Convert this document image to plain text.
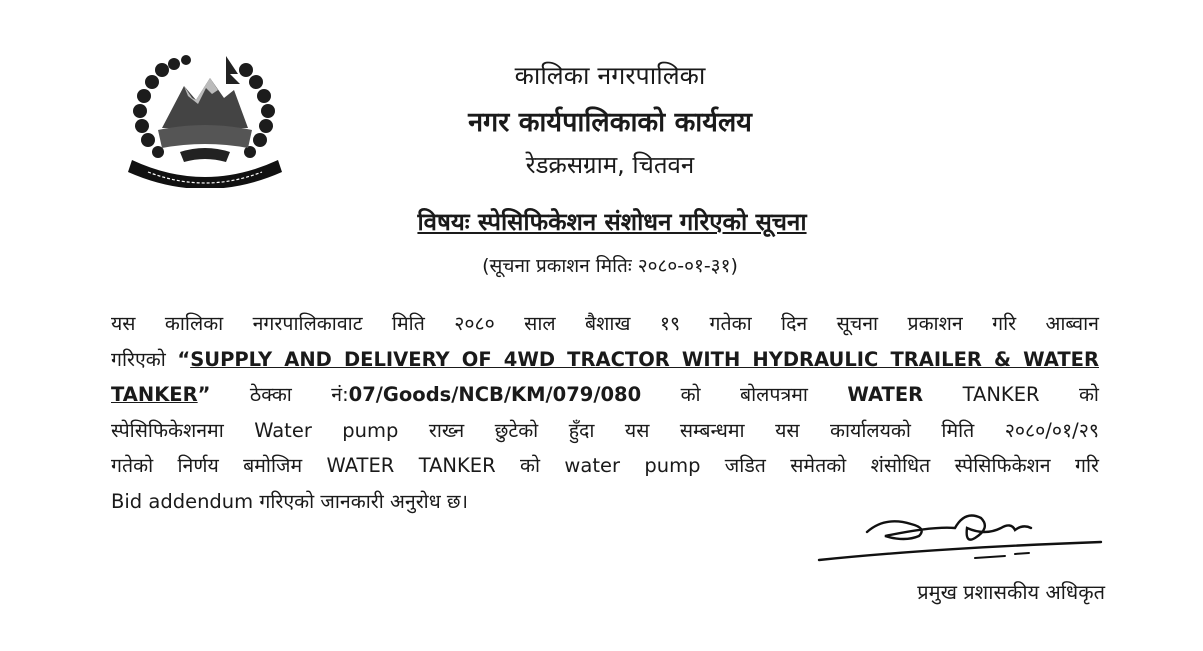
कालिका नगरपालिका
नगर कार्यपालिकाको कार्यलय
रेडक्रसग्राम, चितवन
विषयः स्पेसिफिकेशन संशोधन गरिएको सूचना
(सूचना प्रकाशन मितिः २०८०-०१-३१)
यस कालिका नगरपालिकावाट मिति २०८० साल बैशाख १९ गतेका दिन सूचना प्रकाशन गरि आब्वान
गरिएको “SUPPLY AND DELIVERY OF 4WD TRACTOR WITH HYDRAULIC TRAILER & WATER
TANKER” ठेक्का नं:07/Goods/NCB/KM/079/080 को बोलपत्रमा WATER TANKER को
स्पेसिफिकेशनमा Water pump राख्न छुटेको हुँदा यस सम्बन्धमा यस कार्यालयको मिति २०८०/०१/२९
गतेको निर्णय बमोजिम WATER TANKER को water pump जडित समेतको शंसोधित स्पेसिफिकेशन गरि
Bid addendum गरिएको जानकारी अनुरोध छ।
प्रमुख प्रशासकीय अधिकृत
